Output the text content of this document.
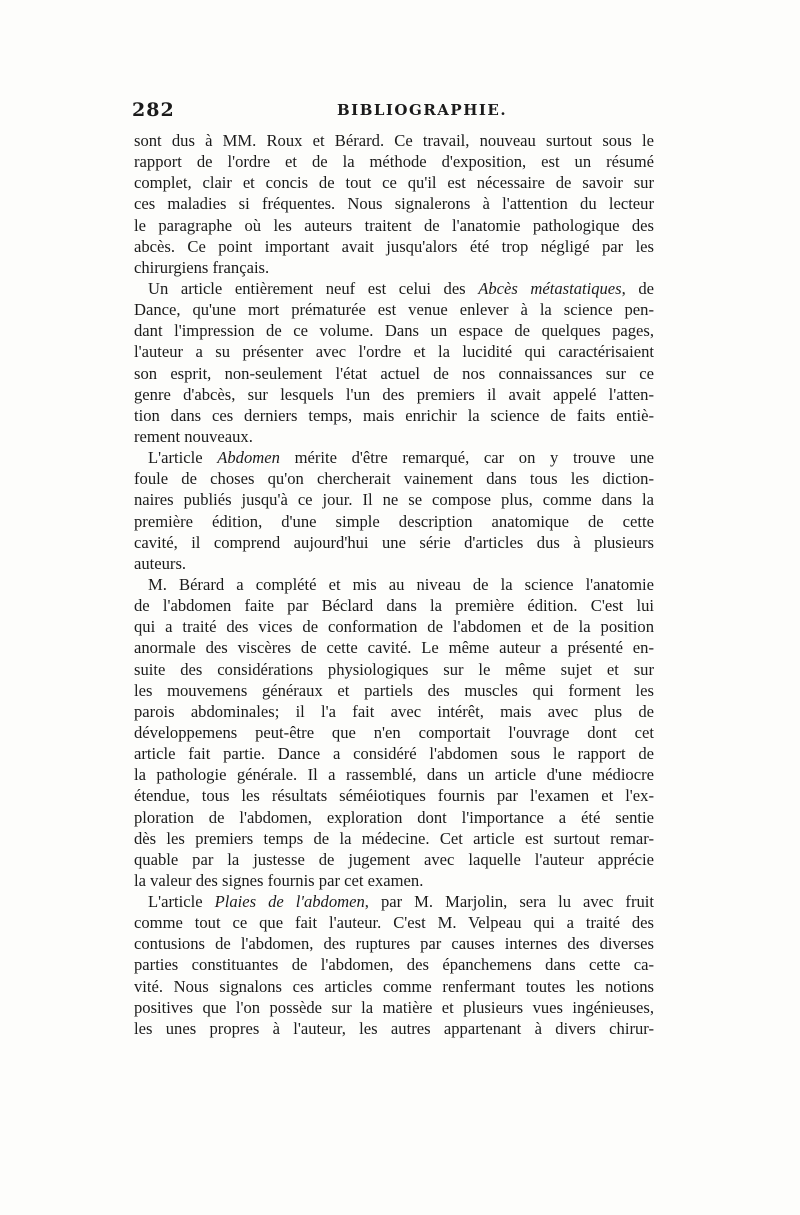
282	BIBLIOGRAPHIE.
sont dus à MM. Roux et Bérard. Ce travail, nouveau surtout sous le
rapport de l'ordre et de la méthode d'exposition, est un résumé
complet, clair et concis de tout ce qu'il est nécessaire de savoir sur
ces maladies si fréquentes. Nous signalerons à l'attention du lecteur
le paragraphe où les auteurs traitent de l'anatomie pathologique des
abcès. Ce point important avait jusqu'alors été trop négligé par les
chirurgiens français.
Un article entièrement neuf est celui des Abcès métastatiques, de
Dance, qu'une mort prématurée est venue enlever à la science pen-
dant l'impression de ce volume. Dans un espace de quelques pages,
l'auteur a su présenter avec l'ordre et la lucidité qui caractérisaient
son esprit, non-seulement l'état actuel de nos connaissances sur ce
genre d'abcès, sur lesquels l'un des premiers il avait appelé l'atten-
tion dans ces derniers temps, mais enrichir la science de faits entiè-
rement nouveaux.
L'article Abdomen mérite d'être remarqué, car on y trouve une
foule de choses qu'on chercherait vainement dans tous les diction-
naires publiés jusqu'à ce jour. Il ne se compose plus, comme dans la
première édition, d'une simple description anatomique de cette
cavité, il comprend aujourd'hui une série d'articles dus à plusieurs
auteurs.
M. Bérard a complété et mis au niveau de la science l'anatomie
de l'abdomen faite par Béclard dans la première édition. C'est lui
qui a traité des vices de conformation de l'abdomen et de la position
anormale des viscères de cette cavité. Le même auteur a présenté en-
suite des considérations physiologiques sur le même sujet et sur
les mouvemens généraux et partiels des muscles qui forment les
parois abdominales; il l'a fait avec intérêt, mais avec plus de
développemens peut-être que n'en comportait l'ouvrage dont cet
article fait partie. Dance a considéré l'abdomen sous le rapport de
la pathologie générale. Il a rassemblé, dans un article d'une médiocre
étendue, tous les résultats séméiotiques fournis par l'examen et l'ex-
ploration de l'abdomen, exploration dont l'importance a été sentie
dès les premiers temps de la médecine. Cet article est surtout remar-
quable par la justesse de jugement avec laquelle l'auteur apprécie
la valeur des signes fournis par cet examen.
L'article Plaies de l'abdomen, par M. Marjolin, sera lu avec fruit
comme tout ce que fait l'auteur. C'est M. Velpeau qui a traité des
contusions de l'abdomen, des ruptures par causes internes des diverses
parties constituantes de l'abdomen, des épanchemens dans cette ca-
vité. Nous signalons ces articles comme renfermant toutes les notions
positives que l'on possède sur la matière et plusieurs vues ingénieuses,
les unes propres à l'auteur, les autres appartenant à divers chirur-
